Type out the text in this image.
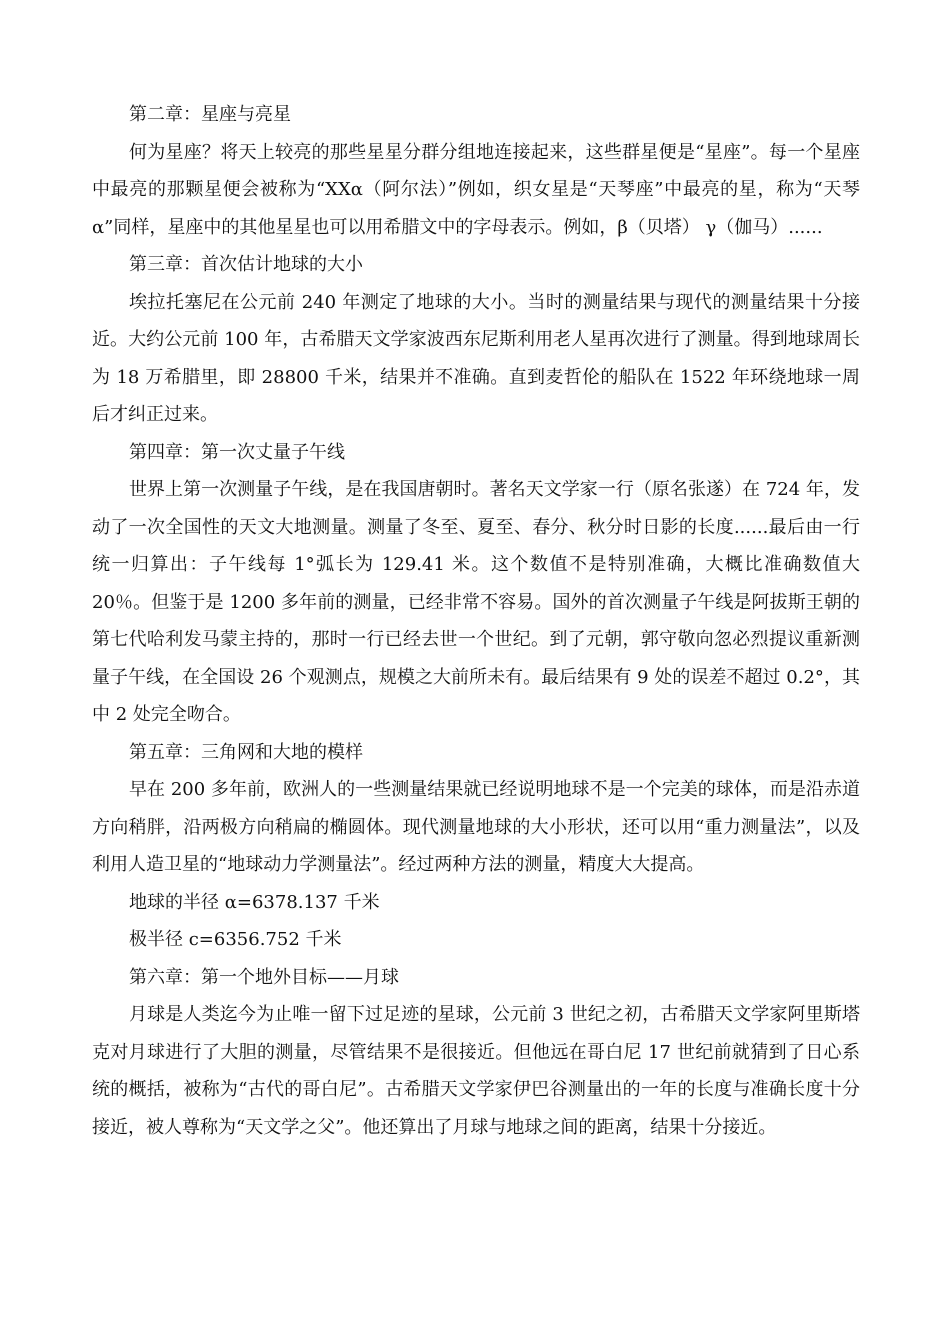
第二章：星座与亮星

何为星座？将天上较亮的那些星星分群分组地连接起来，这些群星便是“星座”。每一个星座中最亮的那颗星便会被称为“XXα（阿尔法）”例如，织女星是“天琴座”中最亮的星，称为“天琴 α”同样，星座中的其他星星也可以用希腊文中的字母表示。例如，β（贝塔） γ（伽马）......

第三章：首次估计地球的大小

埃拉托塞尼在公元前 240 年测定了地球的大小。当时的测量结果与现代的测量结果十分接近。大约公元前 100 年，古希腊天文学家波西东尼斯利用老人星再次进行了测量。得到地球周长为 18 万希腊里，即 28800 千米，结果并不准确。直到麦哲伦的船队在 1522 年环绕地球一周后才纠正过来。

第四章：第一次丈量子午线

世界上第一次测量子午线，是在我国唐朝时。著名天文学家一行（原名张遂）在 724 年，发动了一次全国性的天文大地测量。测量了冬至、夏至、春分、秋分时日影的长度......最后由一行统一归算出：子午线每 1°弧长为 129.41 米。这个数值不是特别准确，大概比准确数值大 20％。但鉴于是 1200 多年前的测量，已经非常不容易。国外的首次测量子午线是阿拔斯王朝的第七代哈利发马蒙主持的，那时一行已经去世一个世纪。到了元朝，郭守敬向忽必烈提议重新测量子午线，在全国设 26 个观测点，规模之大前所未有。最后结果有 9 处的误差不超过 0.2°，其中 2 处完全吻合。

第五章：三角网和大地的模样

早在 200 多年前，欧洲人的一些测量结果就已经说明地球不是一个完美的球体，而是沿赤道方向稍胖，沿两极方向稍扁的椭圆体。现代测量地球的大小形状，还可以用“重力测量法”，以及利用人造卫星的“地球动力学测量法”。经过两种方法的测量，精度大大提高。

地球的半径 α=6378.137 千米

极半径 c=6356.752 千米

第六章：第一个地外目标——月球

月球是人类迄今为止唯一留下过足迹的星球，公元前 3 世纪之初，古希腊天文学家阿里斯塔克对月球进行了大胆的测量，尽管结果不是很接近。但他远在哥白尼 17 世纪前就猜到了日心系统的概括，被称为“古代的哥白尼”。古希腊天文学家伊巴谷测量出的一年的长度与准确长度十分接近，被人尊称为“天文学之父”。他还算出了月球与地球之间的距离，结果十分接近。
